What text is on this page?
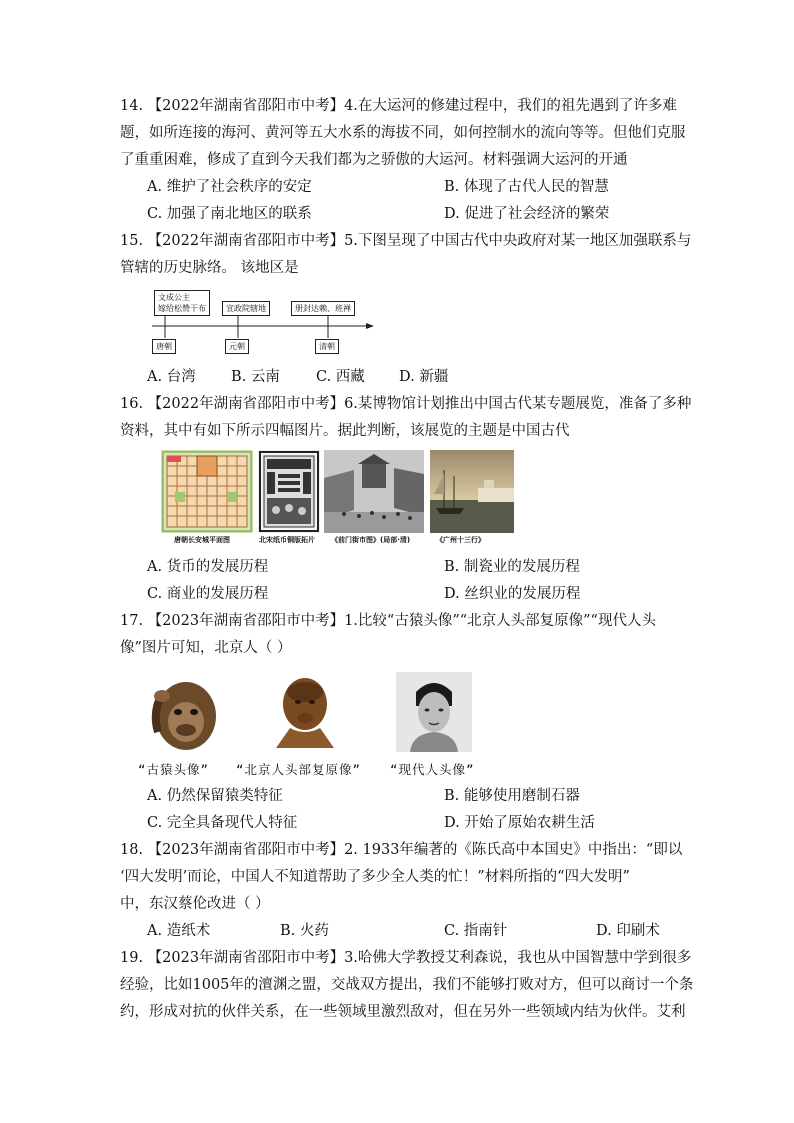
14. 【2022年湖南省邵阳市中考】4.在大运河的修建过程中，我们的祖先遇到了许多难
题，如所连接的海河、黄河等五大水系的海拔不同，如何控制水的流向等等。但他们克服
了重重困难，修成了直到今天我们都为之骄傲的大运河。材料强调大运河的开通
A. 维护了社会秩序的安定	B. 体现了古代人民的智慧
C. 加强了南北地区的联系	D. 促进了社会经济的繁荣
15. 【2022年湖南省邵阳市中考】5.下图呈现了中国古代中央政府对某一地区加强联系与
管辖的历史脉络。 该地区是
文成公主
嫁给松赞干布	宣政院辖地	册封达赖、班禅
唐朝	元朝	清朝
A. 台湾 B. 云南 C. 西藏 D. 新疆
16. 【2022年湖南省邵阳市中考】6.某博物馆计划推出中国古代某专题展览，准备了多种
资料，其中有如下所示四幅图片。据此判断，该展览的主题是中国古代
唐朝长安城平面图	北宋纸币铜版拓片 《前门街市图》(局部·清)	《广州十三行》
A. 货币的发展历程	B. 制瓷业的发展历程
C. 商业的发展历程	D. 丝织业的发展历程
17. 【2023年湖南省邵阳市中考】1.比较“古猿头像”“北京人头部复原像”“现代人头
像”图片可知，北京人（ ）
“古猿头像” “北京人头部复原像” “现代人头像”
A. 仍然保留猿类特征	B. 能够使用磨制石器
C. 完全具备现代人特征	D. 开始了原始农耕生活
18. 【2023年湖南省邵阳市中考】2. 1933年编著的《陈氏高中本国史》中指出：“即以
‘四大发明’而论，中国人不知道帮助了多少全人类的忙！”材料所指的“四大发明”
中，东汉蔡伦改进（ ）
A. 造纸术	B. 火药	C. 指南针	D. 印刷术
19. 【2023年湖南省邵阳市中考】3.哈佛大学教授艾利森说，我也从中国智慧中学到很多
经验，比如1005年的澶渊之盟，交战双方提出，我们不能够打败对方，但可以商讨一个条
约，形成对抗的伙伴关系，在一些领域里激烈敌对，但在另外一些领域内结为伙伴。艾利
